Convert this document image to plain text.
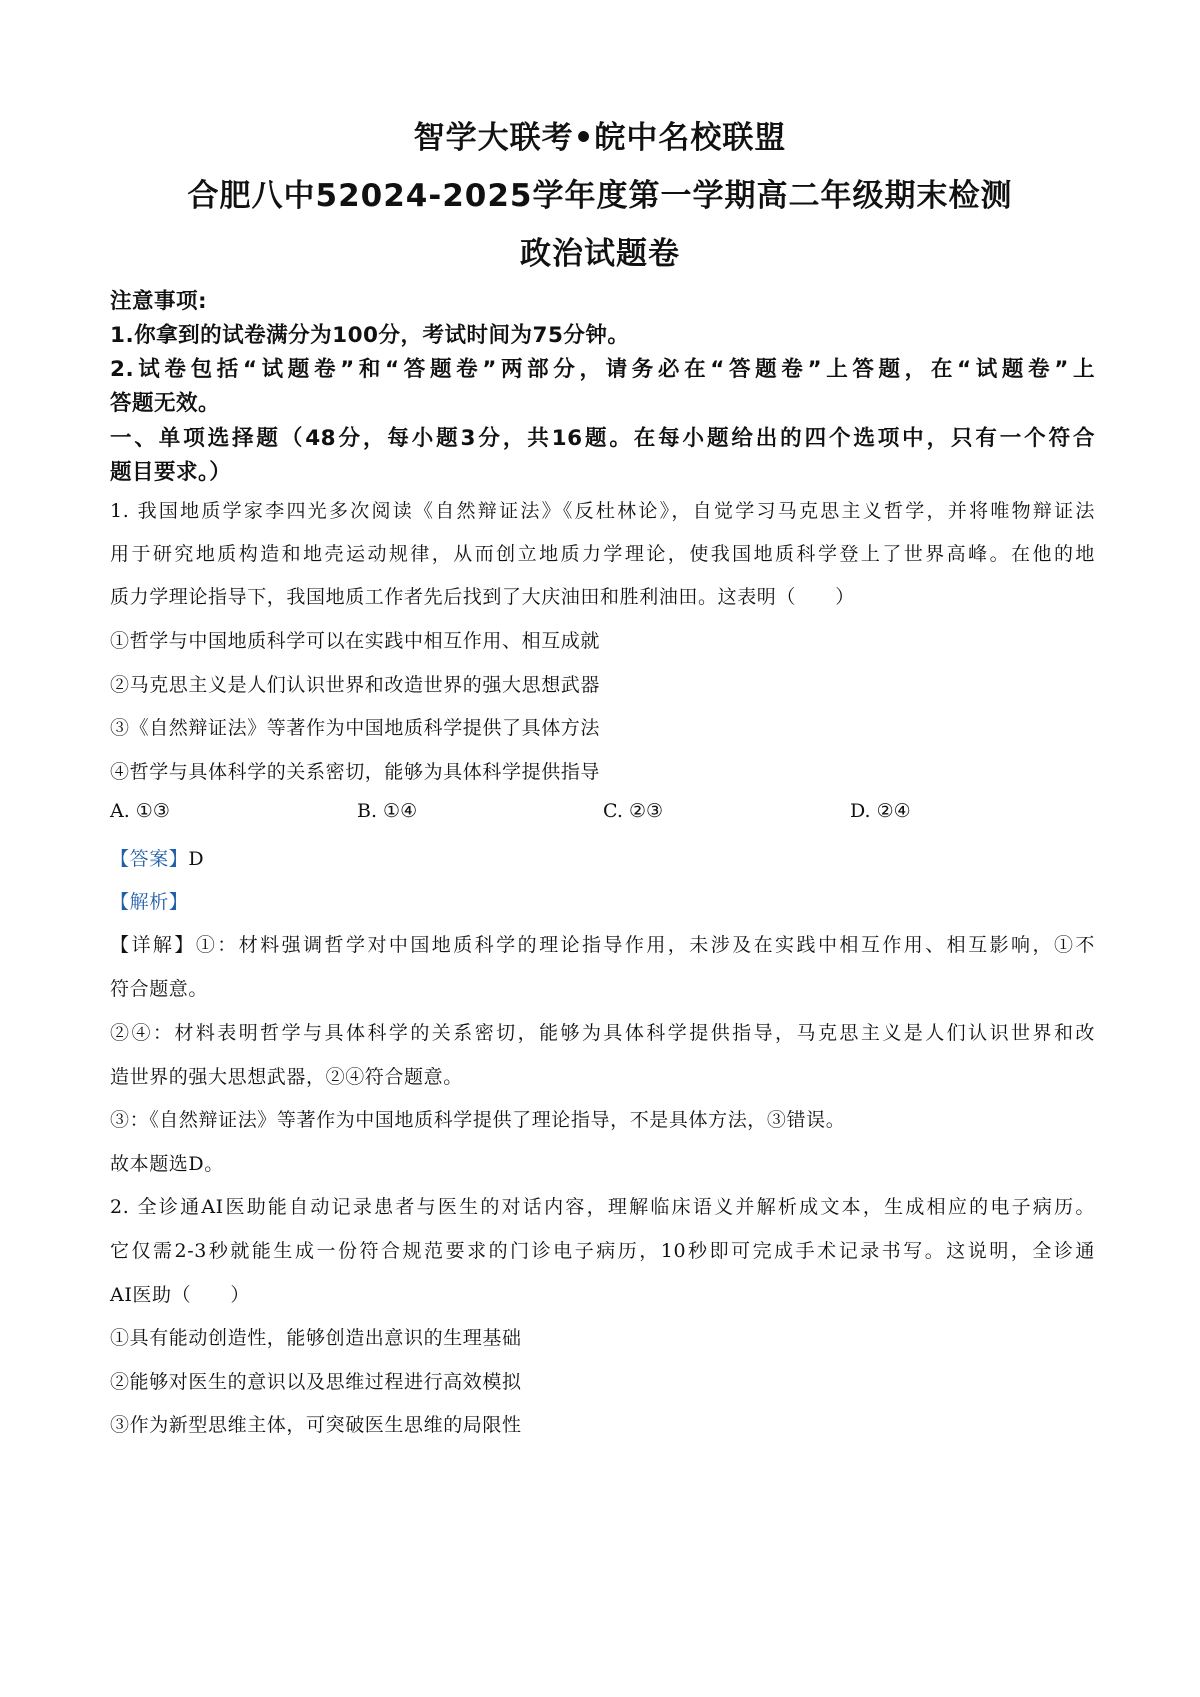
智学大联考•皖中名校联盟
合肥八中52024-2025学年度第一学期高二年级期末检测
政治试题卷
注意事项:
1.你拿到的试卷满分为100分，考试时间为75分钟。
2.试卷包括“试题卷”和“答题卷”两部分，请务必在“答题卷”上答题，在“试题卷”上
答题无效。
一、单项选择题（48分，每小题3分，共16题。在每小题给出的四个选项中，只有一个符合
题目要求。）
1. 我国地质学家李四光多次阅读《自然辩证法》《反杜林论》，自觉学习马克思主义哲学，并将唯物辩证法
用于研究地质构造和地壳运动规律，从而创立地质力学理论，使我国地质科学登上了世界高峰。在他的地
质力学理论指导下，我国地质工作者先后找到了大庆油田和胜利油田。这表明（　　）
①哲学与中国地质科学可以在实践中相互作用、相互成就
②马克思主义是人们认识世界和改造世界的强大思想武器
③《自然辩证法》等著作为中国地质科学提供了具体方法
④哲学与具体科学的关系密切，能够为具体科学提供指导
A. ①③	B. ①④	C. ②③	D. ②④
【答案】D
【解析】
【详解】①：材料强调哲学对中国地质科学的理论指导作用，未涉及在实践中相互作用、相互影响，①不
符合题意。
②④：材料表明哲学与具体科学的关系密切，能够为具体科学提供指导，马克思主义是人们认识世界和改
造世界的强大思想武器，②④符合题意。
③：《自然辩证法》等著作为中国地质科学提供了理论指导，不是具体方法，③错误。
故本题选D。
2. 全诊通AI医助能自动记录患者与医生的对话内容，理解临床语义并解析成文本，生成相应的电子病历。
它仅需2-3秒就能生成一份符合规范要求的门诊电子病历，10秒即可完成手术记录书写。这说明，全诊通
AI医助（　　）
①具有能动创造性，能够创造出意识的生理基础
②能够对医生的意识以及思维过程进行高效模拟
③作为新型思维主体，可突破医生思维的局限性
